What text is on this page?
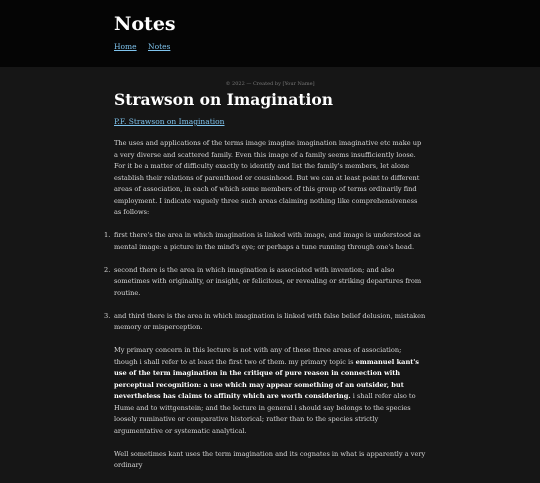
Notes
Home Notes
© 2022 — Created by [Your Name]
Strawson on Imagination
P.F. Strawson on Imagination

The uses and applications of the terms image imagine imagination imaginative etc make up a very diverse and scattered family. Even this image of a family seems insufficiently loose. For it be a matter of difficulty exactly to identify and list the family's members, let alone establish their relations of parenthood or cousinhood. But we can at least point to different areas of association, in each of which some members of this group of terms ordinarily find employment. I indicate vaguely three such areas claiming nothing like comprehensiveness as follows:

1. first there's the area in which imagination is linked with image, and image is understood as mental image: a picture in the mind's eye; or perhaps a tune running through one's head.
2. second there is the area in which imagination is associated with invention; and also sometimes with originality, or insight, or felicitous, or revealing or striking departures from routine.
3. and third there is the area in which imagination is linked with false belief delusion, mistaken memory or misperception.

My primary concern in this lecture is not with any of these three areas of association; though i shall refer to at least the first two of them. my primary topic is emmanuel kant's use of the term imagination in the critique of pure reason in connection with perceptual recognition: a use which may appear something of an outsider, but nevertheless has claims to affinity which are worth considering. i shall refer also to Hume and to wittgenstein; and the lecture in general i should say belongs to the species loosely ruminative or comparative historical; rather than to the species strictly argumentative or systematic analytical.

Well sometimes kant uses the term imagination and its cognates in what is apparently a very ordinary
